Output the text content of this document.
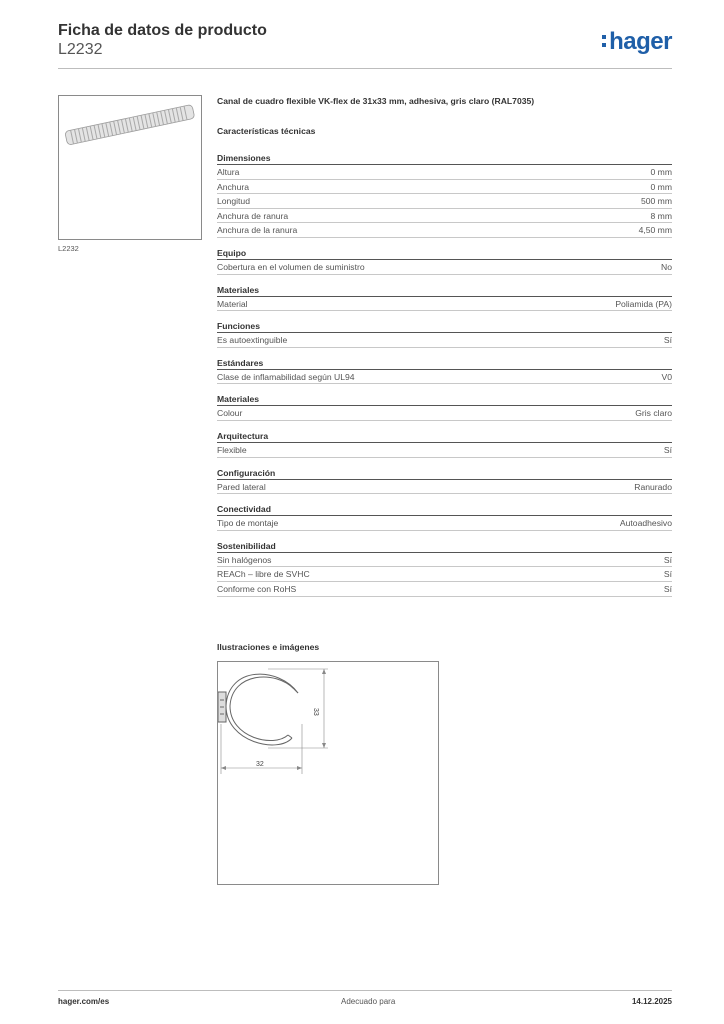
Ficha de datos de producto
L2232	hager
L2232
Canal de cuadro flexible VK-flex de 31x33 mm, adhesiva, gris claro (RAL7035)
Características técnicas
Dimensiones
Altura	0 mm
Anchura	0 mm
Longitud	500 mm
Anchura de ranura	8 mm
Anchura de la ranura	4,50 mm
Equipo
Cobertura en el volumen de suministro	No
Materiales
Material	Poliamida (PA)
Funciones
Es autoextinguible	Sí
Estándares
Clase de inflamabilidad según UL94	V0
Materiales
Colour	Gris claro
Arquitectura
Flexible	Sí
Configuración
Pared lateral	Ranurado
Conectividad
Tipo de montaje	Autoadhesivo
Sostenibilidad
Sin halógenos	Sí
REACh – libre de SVHC	Sí
Conforme con RoHS	Sí
Ilustraciones e imágenes
33
32
hager.com/es	Adecuado para	14.12.2025
